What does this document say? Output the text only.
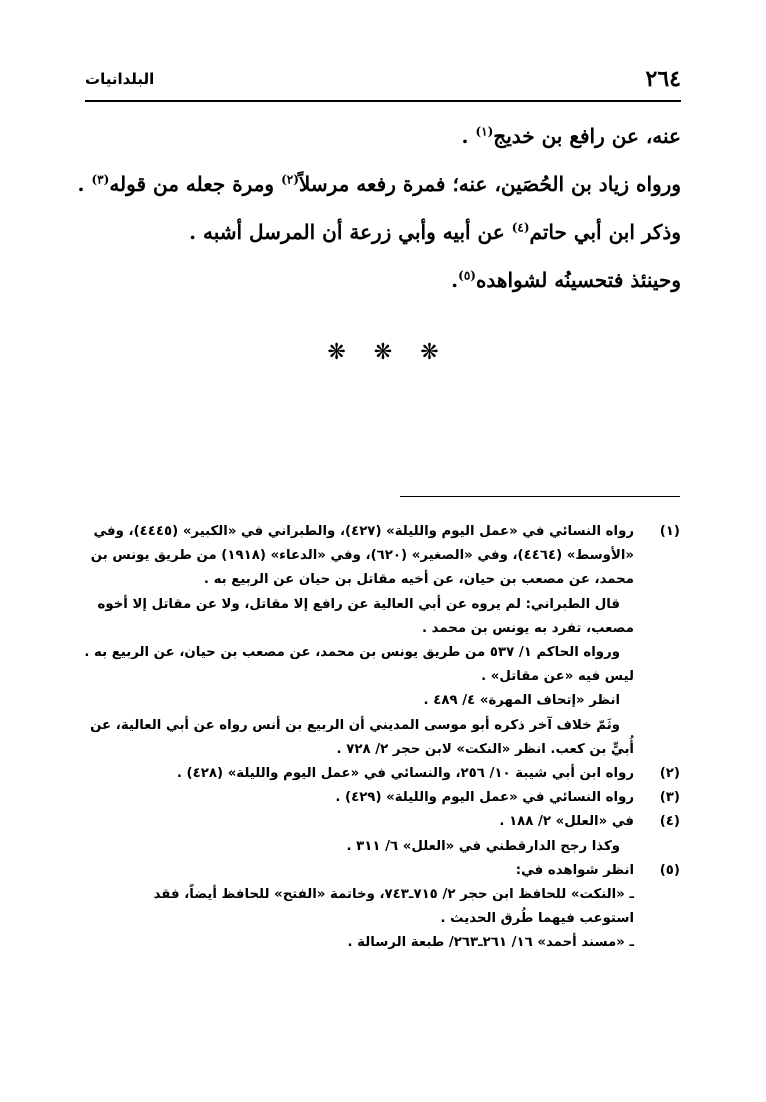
٢٦٤
البلدانيات

عنه، عن رافع بن خديج$^{(١)}$ .

ورواه زياد بن الحُصَين، عنه؛ فمرة رفعه مرسلاً$^{(٢)}$ ومرة جعله من قوله$^{(٣)}$ .

وذكر ابن أبي حاتم$^{(٤)}$ عن أبيه وأبي زرعة أن المرسل أشبه .

وحينئذ فتحسينُه لشواهده$^{(٥)}$.

❋❋❋
(١)

رواه النسائي في «عمل اليوم والليلة» (٤٢٧)، والطبراني في «الكبير» (٤٤٤٥)، وفي

«الأوسط» (٤٤٦٤)، وفي «الصغير» (٦٢٠)، وفي «الدعاء» (١٩١٨) من طريق يونس بن

محمد، عن مصعب بن حيان، عن أخيه مقاتل بن حيان عن الربيع به .

قال الطبراني: لم يروه عن أبي العالية عن رافع إلا مقاتل، ولا عن مقاتل إلا أخوه

مصعب، تفرد به يونس بن محمد .

ورواه الحاكم ١/ ٥٣٧ من طريق يونس بن محمد، عن مصعب بن حيان، عن الربيع به .

ليس فيه «عن مقاتل» .

انظر «إتحاف المهرة» ٤/ ٤٨٩ .

وثَمّ خلاف آخر ذكره أبو موسى المديني أن الربيع بن أنس رواه عن أبي العالية، عن

أُبيٍّ بن كعب. انظر «النكت» لابن حجر ٢/ ٧٢٨ .

(٢)

رواه ابن أبي شيبة ١٠/ ٢٥٦، والنسائي في «عمل اليوم والليلة» (٤٢٨) .

(٣)

رواه النسائي في «عمل اليوم والليلة» (٤٢٩) .

(٤)

في «العلل» ٢/ ١٨٨ .

وكذا رجح الدارقطني في «العلل» ٦/ ٣١١ .

(٥)

انظر شواهده في:

ـ «النكت» للحافظ ابن حجر ٢/ ٧١٥ـ٧٤٣، وخاتمة «الفتح» للحافظ أيضاً، فقد

استوعب فيهما طُرق الحديث .

ـ «مسند أحمد» ١٦/ ٢٦١ـ٢٦٣/ طبعة الرسالة .
